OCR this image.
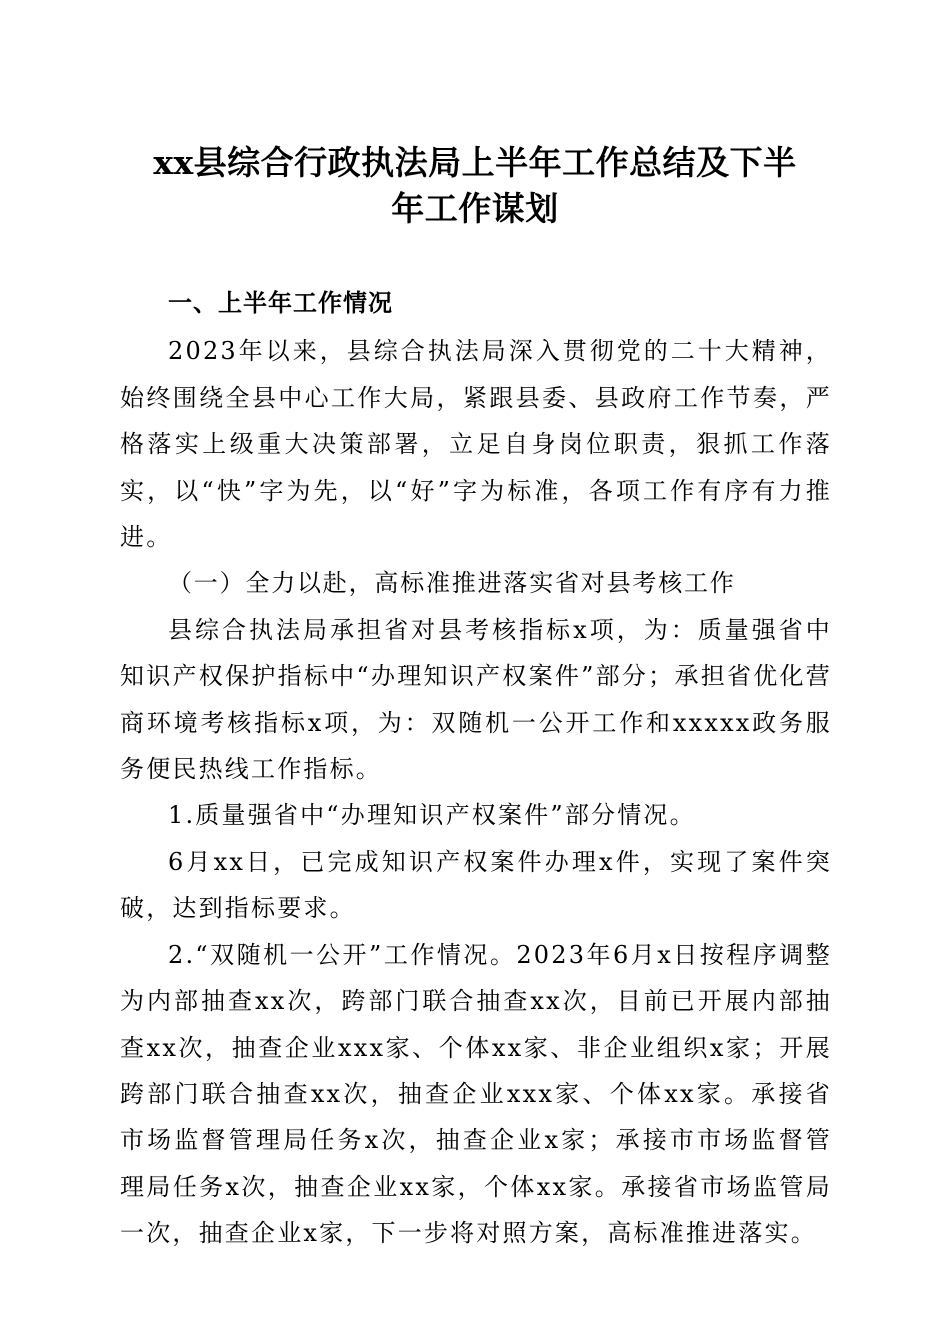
xx县综合行政执法局上半年工作总结及下半
年工作谋划

一、上半年工作情况

2023年以来，县综合执法局深入贯彻党的二十大精神，始终围绕全县中心工作大局，紧跟县委、县政府工作节奏，严格落实上级重大决策部署，立足自身岗位职责，狠抓工作落实，以“快”字为先，以“好”字为标准，各项工作有序有力推进。

（一）全力以赴，高标准推进落实省对县考核工作

县综合执法局承担省对县考核指标x项，为：质量强省中知识产权保护指标中“办理知识产权案件”部分；承担省优化营商环境考核指标x项，为：双随机一公开工作和xxxxx政务服务便民热线工作指标。

1.质量强省中“办理知识产权案件”部分情况。

6月xx日，已完成知识产权案件办理x件，实现了案件突破，达到指标要求。

2.“双随机一公开”工作情况。2023年6月x日按程序调整为内部抽查xx次，跨部门联合抽查xx次，目前已开展内部抽查xx次，抽查企业xxx家、个体xx家、非企业组织x家；开展跨部门联合抽查xx次，抽查企业xxx家、个体xx家。承接省市场监督管理局任务x次，抽查企业x家；承接市市场监督管理局任务x次，抽查企业xx家，个体xx家。承接省市场监管局一次，抽查企业x家，下一步将对照方案，高标准推进落实。
